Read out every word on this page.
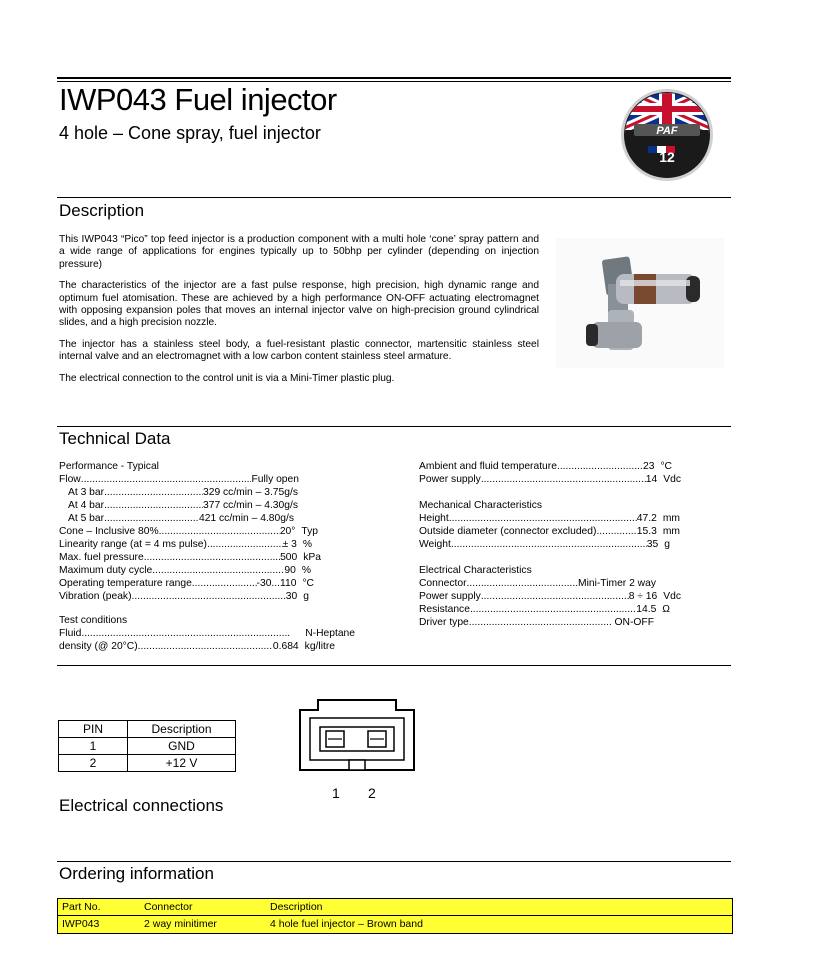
IWP043 Fuel injector
4 hole – Cone spray, fuel injector	PAF
12
Description

This IWP043 “Pico” top feed injector is a production component with a multi hole ‘cone’ spray pattern and a wide range of applications for engines typically up to 50bhp per cylinder (depending on injection pressure)

The characteristics of the injector are a fast pulse response, high precision, high dynamic range and optimum fuel atomisation. These are achieved by a high performance ON-OFF actuating electromagnet with opposing expansion poles that moves an internal injector valve on high-precision ground cylindrical slides, and a high precision nozzle.

The injector has a stainless steel body, a fuel-resistant plastic connector, martensitic stainless steel internal valve and an electromagnet with a low carbon content stainless steel armature.

The electrical connection to the control unit is via a Mini-Timer plastic plug.

Technical Data
Performance - Typical
Flow .....	Fully open
At 3 bar .....	329 cc/min – 3.75g/s
At 4 bar .....	377 cc/min – 4.30g/s
At 5 bar .....	421 cc/min – 4.80g/s
Cone – Inclusive 80% .....	20° Typ
Linearity range (at = 4 ms pulse) .....	± 3 %
Max. fuel pressure .....	500 kPa
Maximum duty cycle .....	90 %
Operating temperature range .....	-30...110 °C
Vibration (peak) .....	30 g
Test conditions
Fluid .....	N-Heptane
density (@ 20°C) .....	0.684 kg/litre
Ambient and fluid temperature .....	23 °C
Power supply .....	14 Vdc
Mechanical Characteristics
Height .....	47.2 mm
Outside diameter (connector excluded) .....	15.3 mm
Weight .....	35 g
Electrical Characteristics
Connector .....	Mini-Timer 2 way
Power supply .....	8 ÷ 16 Vdc
Resistance .....	14.5 Ω
Driver type .....	ON-OFF
PIN	Description
1	GND
2	+12 V
1 2
Electrical connections
Ordering information
Part No.	Connector	Description
IWP043	2 way minitimer	4 hole fuel injector – Brown band
